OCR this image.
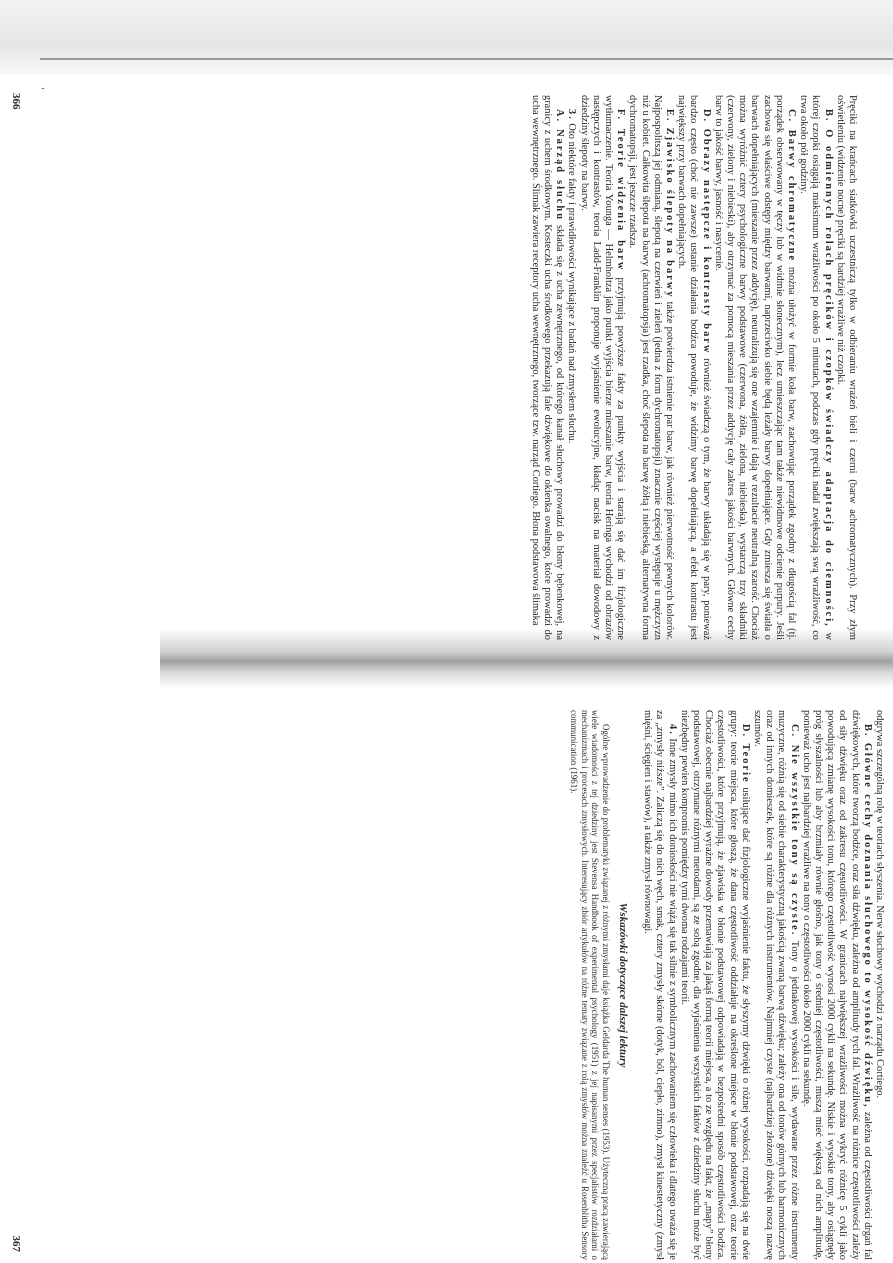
Pręciki na krańcach siatkówki uczestniczą tylko w odbieraniu wrażeń bieli i czerni (barw achromatycznych). Przy złym oświetleniu (widzenie nocne) pręciki są bardziej wrażliwe niż czopki.

B. O odmiennych rolach pręcików i czopków świadczy adaptacja do ciemności, w której czopki osiągają maksimum wrażliwości po około 5 minutach, podczas gdy pręciki nadal zwiększają swą wrażliwość, co trwa około pół godziny.

C. Barwy chromatyczne można ułożyć w formie koła barw, zachowując porządek zgodny z długością fal (tj. porządek obserwowany w tęczy lub w widmie słonecznym), lecz umieszczając tam także niewidmowe odcienie purpury. Jeśli zachowa się właściwe odstępy między barwami, naprzeciwko siebie będą leżały barwy dopełniające. Gdy zmiesza się światła o barwach dopełniających (mieszanie przez addycję), neutralizują się one wzajemnie i dają w rezultacie neutralną szarość. Chociaż można wyróżnić cztery psychologiczne barwy podstawowe (czerwona, żółta, zielona, niebieska), wystarczą trzy składniki (czerwony, zielony i niebieski), aby otrzymać za pomocą mieszania przez addycję cały zakres jakości barwnych. Główne cechy barw to jakość barwy, jasność i nasycenie.

D. Obrazy następcze i kontrasty barw również świadczą o tym, że barwy układają się w pary, ponieważ bardzo często (choć nie zawsze) ustanie działania bodźca powoduje, że widzimy barwę dopełniającą, a efekt kontrastu jest największy przy barwach dopełniających.

E. Zjawisko ślepoty na barwy także potwierdza istnienie par barw, jak również pierwotność pewnych kolorów. Najpospolitszą jej odmianą, ślepotą na czerwień i zieleń (jedna z form dychromatopsji) znacznie częściej występuje u mężczyzn niż u kobiet. Całkowita ślepota na barwy (achromatopsja) jest rzadka, choć ślepota na barwę żółtą i niebieską, alternatywna forma dychromatopsji, jest jeszcze rzadsza.

F. Teorie widzenia barw przyjmują powyższe fakty za punkty wyjścia i starają się dać im fizjologiczne wytłumaczenie. Teoria Younga — Helmholtza jako punkt wyjścia bierze mieszanie barw, teoria Heringa wychodzi od obrazów następczych i kontrastów, teoria Ladd-Franklin proponuje wyjaśnienie ewolucyjne, kładąc nacisk na materiał dowodowy z dziedziny ślepoty na barwy.

3. Oto niektóre fakty i prawidłowości wynikające z badań nad zmysłem słuchu.

A. Narząd słuchu składa się z ucha zewnętrznego, od którego kanał słuchowy prowadzi do błony bębenkowej, na granicy z uchem środkowym. Kosteczki ucha środkowego przekazują fale dźwiękowe do okienka owalnego, które prowadzi do ucha wewnętrznego. Ślimak zawiera receptory ucha wewnętrznego, tworzące tzw. narząd Cortiego. Błona podstawowa ślimaka

‘
366

odgrywa szczególną rolę w teoriach słyszenia. Nerw słuchowy wychodzi z narządu Cortiego.

B. Główne cechy doznania słuchowego to wysokość dźwięku, zależna od częstotliwości drgań fal dźwiękowych, które tworzą bodźce, oraz siła dźwięku, zależna od amplitudy tych fal. Wrażliwość na różnice częstotliwości zależy od siły dźwięku oraz od zakresu częstotliwości. W granicach największej wrażliwości można wykryć różnicę 5 cykli jako powodującą zmianę wysokości tonu, którego częstotliwość wynosi 2000 cykli na sekundę. Niskie i wysokie tony, aby osiągnęły próg słyszalności lub aby brzmiały równie głośno, jak tony o średniej częstotliwości, muszą mieć większą od nich amplitudę, ponieważ ucho jest najbardziej wrażliwe na tony o częstotliwości około 2000 cykli na sekundę.

C. Nie wszystkie tony są czyste. Tony o jednakowej wysokości i sile, wydawane przez różne instrumenty muzyczne, różnią się od siebie charakterystyczną jakością zwaną barwą dźwięku; zależy ona od tonów górnych lub harmonicznych oraz od innych domieszek, które są różne dla różnych instrumentów. Najmniej czyste (najbardziej złożone) dźwięki noszą nazwę szumów.

D. Teorie usiłujące dać fizjologiczne wyjaśnienie faktu, że słyszymy dźwięki o różnej wysokości, rozpadają się na dwie grupy: teorie miejsca, które głoszą, że dana częstotliwość oddziałuje na określone miejsce w błonie podstawowej, oraz teorie częstotliwości, które przyjmują, że zjawiska w błonie podstawowej odpowiadają w bezpośredni sposób częstotliwości bodźca. Chociaż obecnie najbardziej wyrażne dowody przemawiają za jakąś formą teorii miejsca, a to ze względu na fakt, że „mapy” błony podstawowej, otrzymane różnymi metodami, są ze sobą zgodne, dla wyjaśnienia wszystkich faktów z dziedziny słuchu może być niezbędny pewien kompromis pomiędzy tymi dwoma rodzajami teorii.

4. Inne zmysły mimo ich doniosłości nie wiążą się tak silnie z symbolicznym zachowaniem się człowieka i dlatego uważa się je za „zmysły niższe”. Zaliczą się do nich węch, smak, cztery zmysły skórne (dotyk, ból, ciepło, zimno), zmysł kinestetyczny (zmysł mięśni, ścięgien i stawów), a także zmysł równowagi.

Wskazówki dotyczące dalszej lektury

Ogólne wprowadzenie do problematyki związanej z różnymi zmysłami daje książka Geldarda The human senses (1953). Użyteczną pracą zawierającą wiele wiadomości z tej dziedziny jest Stevensa Handbook of experimental psychology (1951) z jej napisanymi przez specjalistów rozdziałami o mechanizmach i procesach zmysłowych. Interesujący zbiór artykułów na różne tematy związane z rolą zmysłów można znaleźć u Rosenblitha Sensory communication (1961).

367
